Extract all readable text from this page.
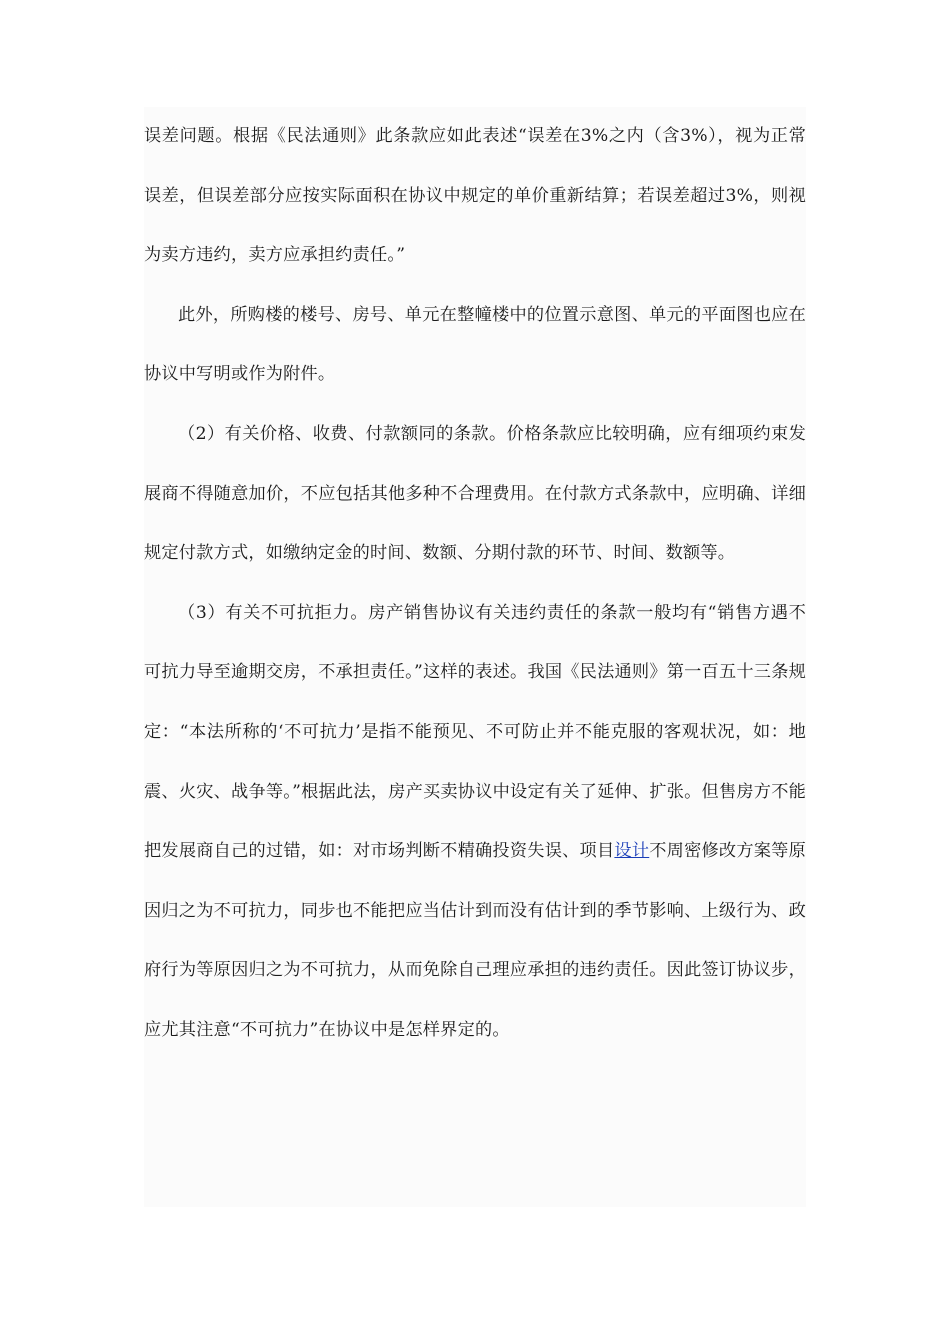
误差问题。根据《民法通则》此条款应如此表述“误差在3%之内（含3%），视为正常误差，但误差部分应按实际面积在协议中规定的单价重新结算；若误差超过3%，则视为卖方违约，卖方应承担约责任。”

此外，所购楼的楼号、房号、单元在整幢楼中的位置示意图、单元的平面图也应在协议中写明或作为附件。

（2）有关价格、收费、付款额同的条款。价格条款应比较明确，应有细项约束发展商不得随意加价，不应包括其他多种不合理费用。在付款方式条款中，应明确、详细规定付款方式，如缴纳定金的时间、数额、分期付款的环节、时间、数额等。

（3）有关不可抗拒力。房产销售协议有关违约责任的条款一般均有“销售方遇不可抗力导至逾期交房，不承担责任。”这样的表述。我国《民法通则》第一百五十三条规定：“本法所称的‘不可抗力’是指不能预见、不可防止并不能克服的客观状况，如：地震、火灾、战争等。”根据此法，房产买卖协议中设定有关了延伸、扩张。但售房方不能把发展商自己的过错，如：对市场判断不精确投资失误、项目设计不周密修改方案等原因归之为不可抗力，同步也不能把应当估计到而没有估计到的季节影响、上级行为、政府行为等原因归之为不可抗力，从而免除自己理应承担的违约责任。因此签订协议步，应尤其注意“不可抗力”在协议中是怎样界定的。
